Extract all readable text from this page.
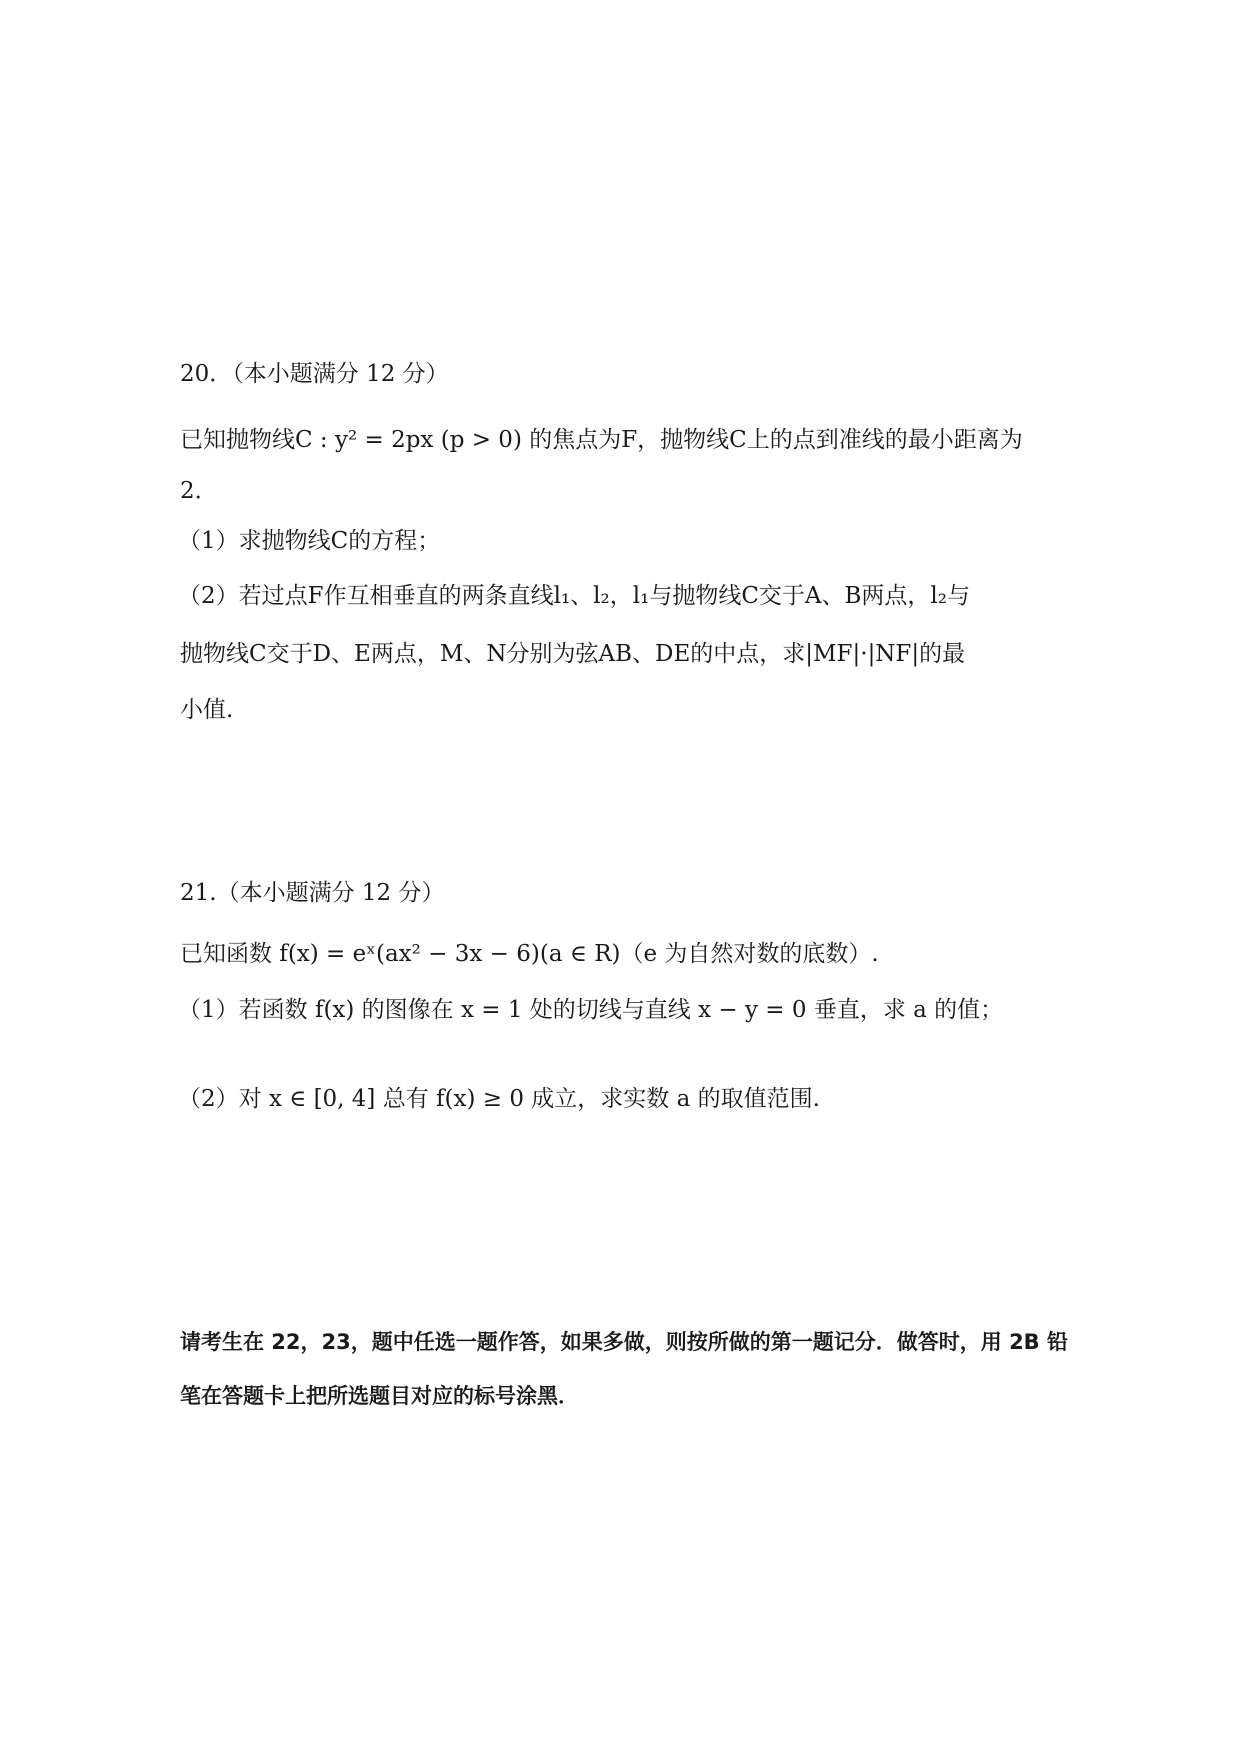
20．（本小题满分 12 分）
已知抛物线C : y² = 2px (p > 0) 的焦点为F，抛物线C上的点到准线的最小距离为
2．
（1）求抛物线C的方程；
（2）若过点F作互相垂直的两条直线l₁、l₂，l₁与抛物线C交于A、B两点，l₂与
抛物线C交于D、E两点，M、N分别为弦AB、DE的中点，求|MF|·|NF|的最
小值.
21.（本小题满分 12 分）
已知函数 f(x) = eˣ(ax² − 3x − 6)(a ∈ R)（e 为自然对数的底数）.
（1）若函数 f(x) 的图像在 x = 1 处的切线与直线 x − y = 0 垂直，求 a 的值；
（2）对 x ∈ [0, 4] 总有 f(x) ≥ 0 成立，求实数 a 的取值范围.
请考生在 22，23，题中任选一题作答，如果多做，则按所做的第一题记分．做答时，用 2B 铅
笔在答题卡上把所选题目对应的标号涂黑．
